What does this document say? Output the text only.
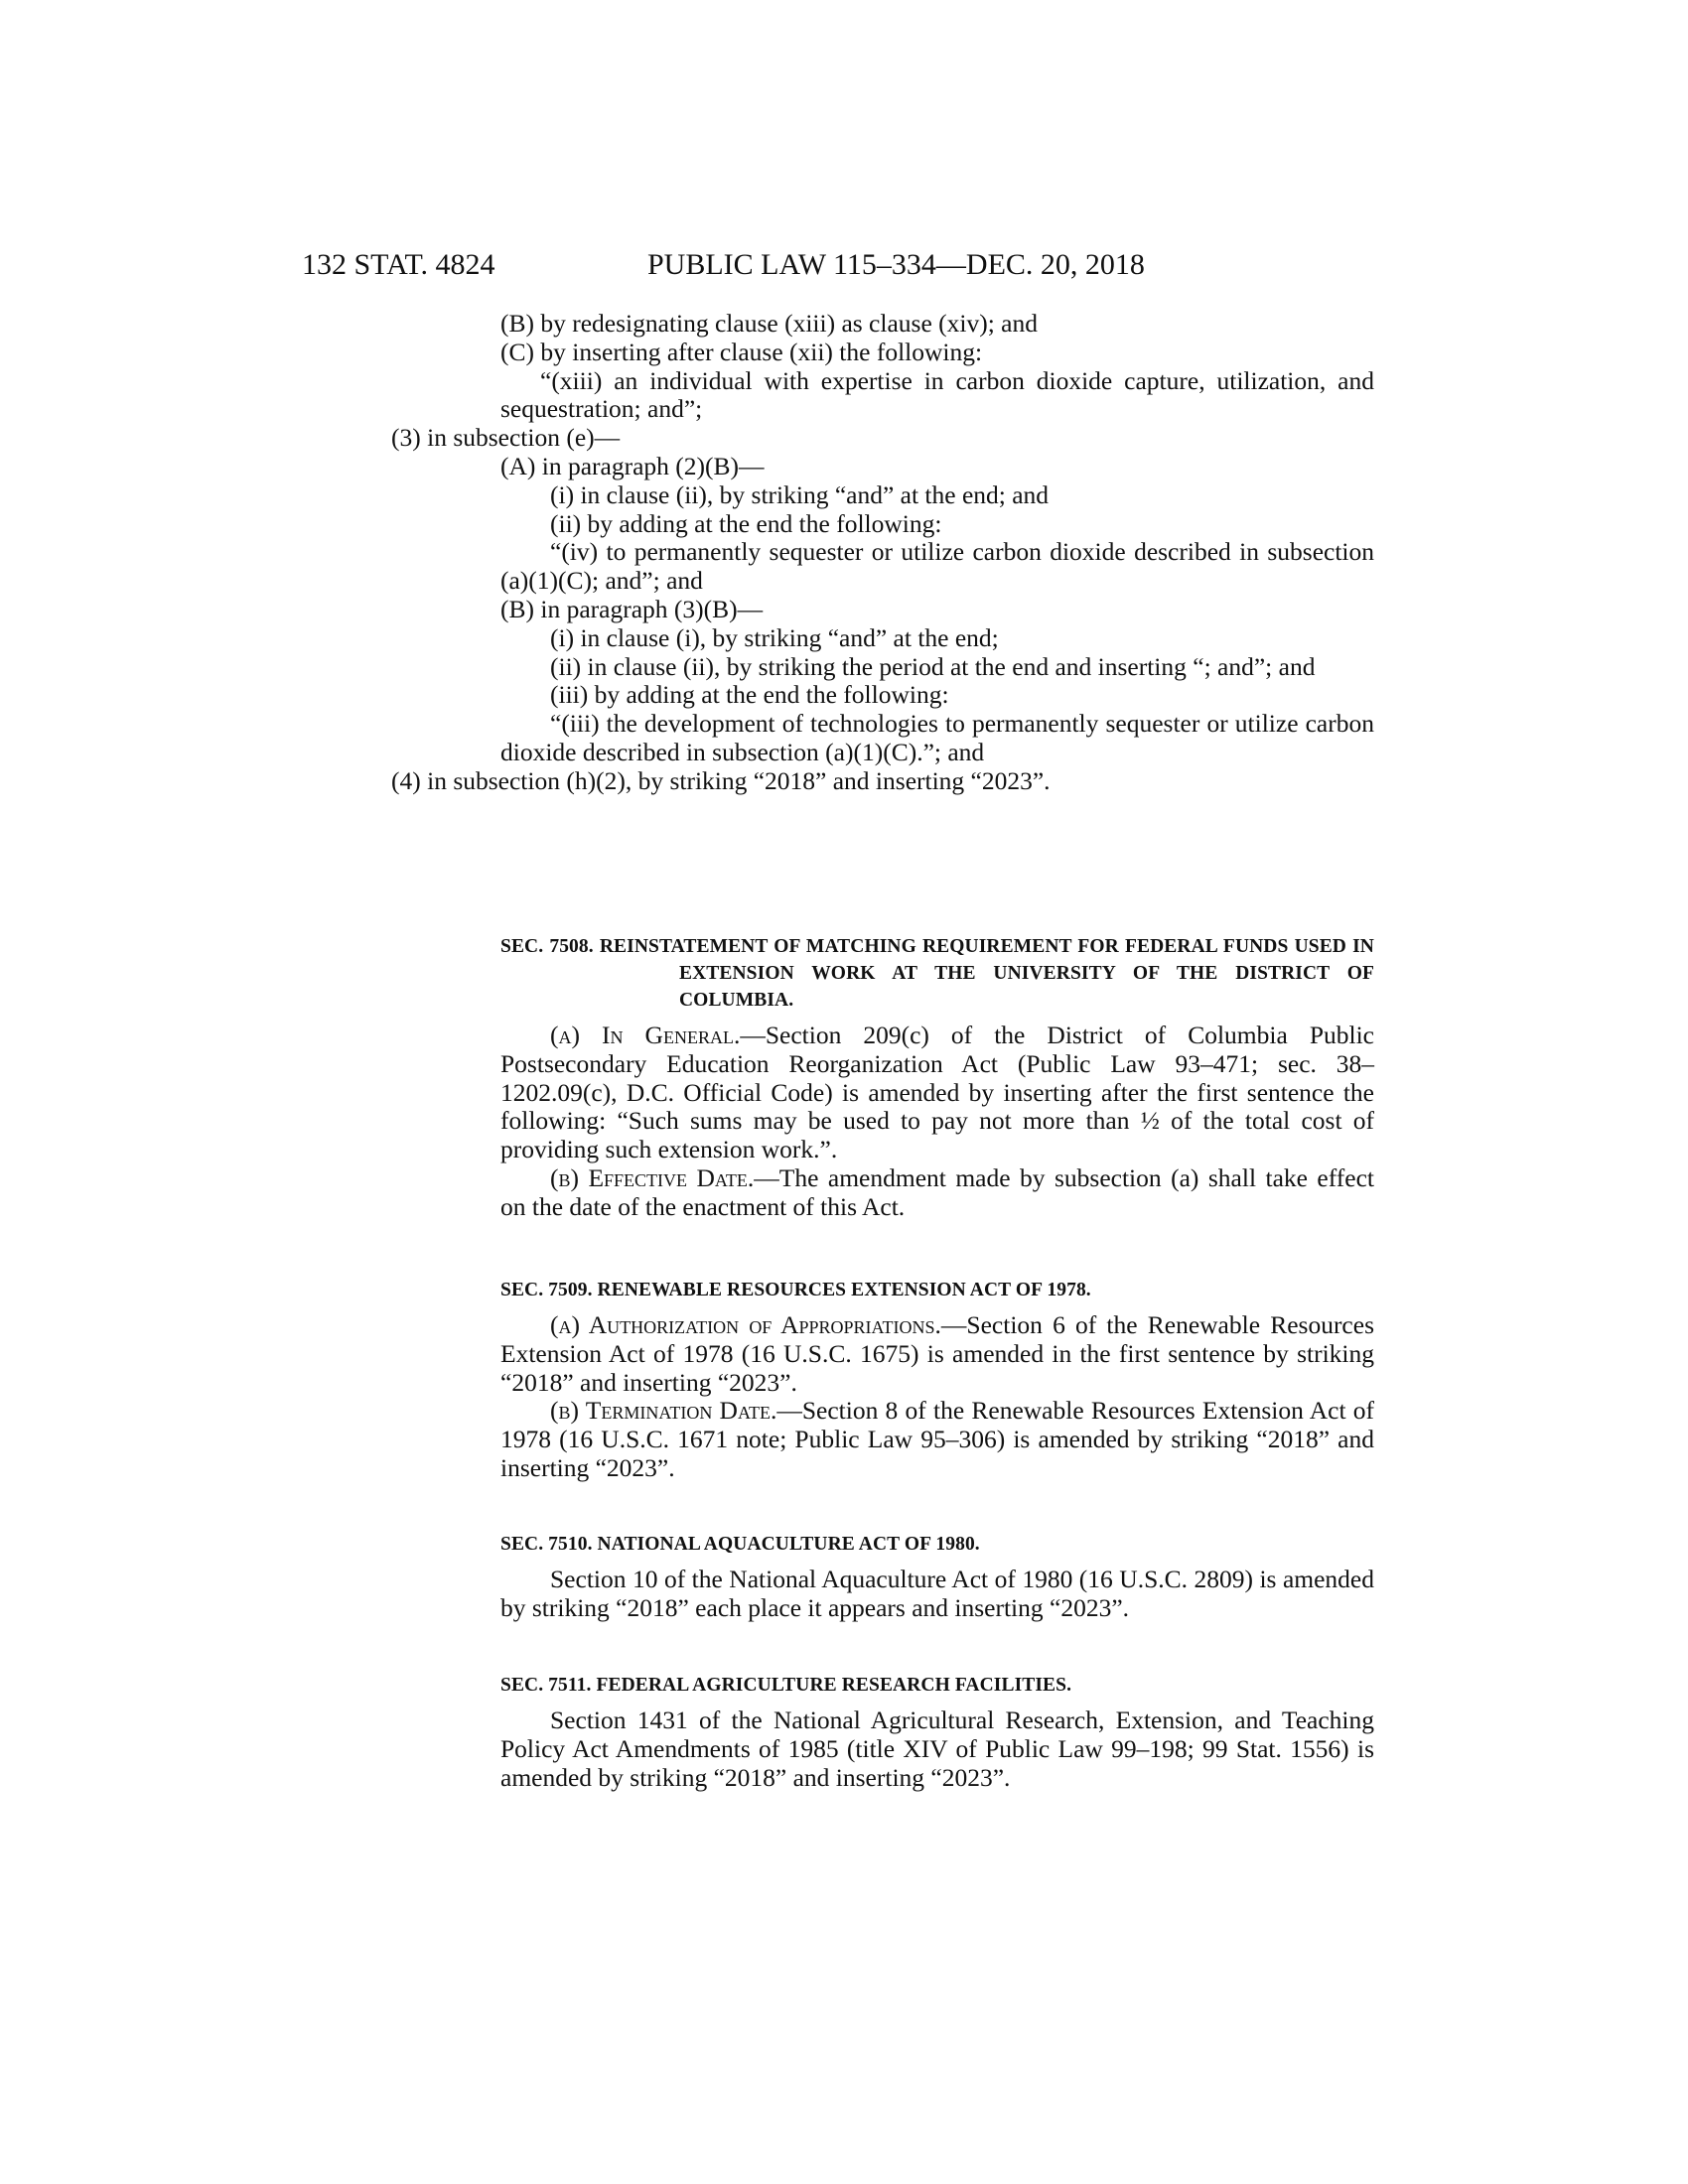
132 STAT. 4824	PUBLIC LAW 115–334—DEC. 20, 2018

(B) by redesignating clause (xiii) as clause (xiv); and

(C) by inserting after clause (xii) the following:

“(xiii) an individual with expertise in carbon dioxide capture, utilization, and sequestration; and”;

(3) in subsection (e)—

(A) in paragraph (2)(B)—

(i) in clause (ii), by striking “and” at the end; and

(ii) by adding at the end the following:

“(iv) to permanently sequester or utilize carbon dioxide described in subsection (a)(1)(C); and”; and

(B) in paragraph (3)(B)—

(i) in clause (i), by striking “and” at the end;

(ii) in clause (ii), by striking the period at the end and inserting “; and”; and

(iii) by adding at the end the following:

“(iii) the development of technologies to permanently sequester or utilize carbon dioxide described in subsection (a)(1)(C).”; and

(4) in subsection (h)(2), by striking “2018” and inserting “2023”.

SEC. 7508. REINSTATEMENT OF MATCHING REQUIREMENT FOR FEDERAL FUNDS USED IN EXTENSION WORK AT THE UNIVERSITY OF THE DISTRICT OF COLUMBIA.

(a) In General.—Section 209(c) of the District of Columbia Public Postsecondary Education Reorganization Act (Public Law 93–471; sec. 38–1202.09(c), D.C. Official Code) is amended by inserting after the first sentence the following: “Such sums may be used to pay not more than ½ of the total cost of providing such extension work.”.

(b) Effective Date.—The amendment made by subsection (a) shall take effect on the date of the enactment of this Act.

SEC. 7509. RENEWABLE RESOURCES EXTENSION ACT OF 1978.

(a) Authorization of Appropriations.—Section 6 of the Renewable Resources Extension Act of 1978 (16 U.S.C. 1675) is amended in the first sentence by striking “2018” and inserting “2023”.

(b) Termination Date.—Section 8 of the Renewable Resources Extension Act of 1978 (16 U.S.C. 1671 note; Public Law 95–306) is amended by striking “2018” and inserting “2023”.

SEC. 7510. NATIONAL AQUACULTURE ACT OF 1980.

Section 10 of the National Aquaculture Act of 1980 (16 U.S.C. 2809) is amended by striking “2018” each place it appears and inserting “2023”.

SEC. 7511. FEDERAL AGRICULTURE RESEARCH FACILITIES.

Section 1431 of the National Agricultural Research, Extension, and Teaching Policy Act Amendments of 1985 (title XIV of Public Law 99–198; 99 Stat. 1556) is amended by striking “2018” and inserting “2023”.
